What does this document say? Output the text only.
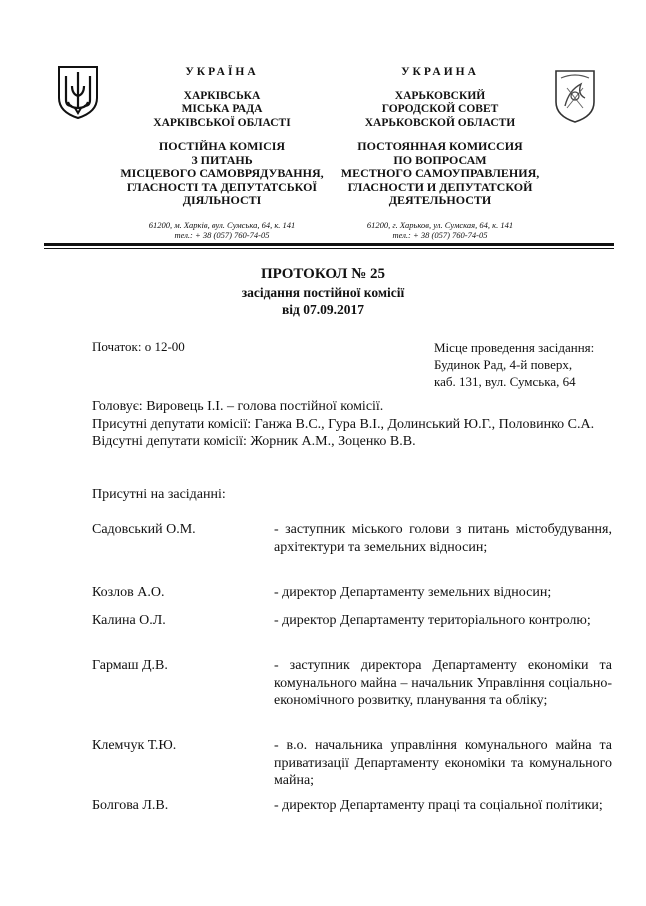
УКРАЇНА
ХАРКІВСЬКА
МІСЬКА РАДА
ХАРКІВСЬКОЇ ОБЛАСТІ
ПОСТІЙНА КОМІСІЯ
З ПИТАНЬ
МІСЦЕВОГО САМОВРЯДУВАННЯ,
ГЛАСНОСТІ ТА ДЕПУТАТСЬКОЇ
ДІЯЛЬНОСТІ
61200, м. Харків, вул. Сумська, 64, к. 141
тел.: + 38 (057) 760-74-05
УКРАИНА
ХАРЬКОВСКИЙ
ГОРОДСКОЙ СОВЕТ
ХАРЬКОВСКОЙ ОБЛАСТИ
ПОСТОЯННАЯ КОМИССИЯ
ПО ВОПРОСАМ
МЕСТНОГО САМОУПРАВЛЕНИЯ,
ГЛАСНОСТИ И ДЕПУТАТСКОЙ
ДЕЯТЕЛЬНОСТИ
61200, г. Харьков, ул. Сумская, 64, к. 141
тел.: + 38 (057) 760-74-05
ПРОТОКОЛ № 25
засідання постійної комісії
від 07.09.2017
Початок: о 12-00	Місце проведення засідання:
Будинок Рад, 4-й поверх,
каб. 131, вул. Сумська, 64

Головує: Вировець І.І. – голова постійної комісії.

Присутні депутати комісії: Ганжа В.С., Гура В.І., Долинський Ю.Г., Половинко С.А.

Відсутні депутати комісії: Жорник А.М., Зоценко В.В.

Присутні на засіданні:
Садовський О.М.	- заступник міського голови з питань містобудування, архітектури та земельних відносин;
Козлов А.О.	- директор Департаменту земельних відносин;
Калина О.Л.	- директор Департаменту територіального контролю;
Гармаш Д.В.	- заступник директора Департаменту економіки та комунального майна – начальник Управління соціально-економічного розвитку, планування та обліку;
Клемчук Т.Ю.	- в.о. начальника управління комунального майна та приватизації Департаменту економіки та комунального майна;
Болгова Л.В.	- директор Департаменту праці та соціальної політики;
